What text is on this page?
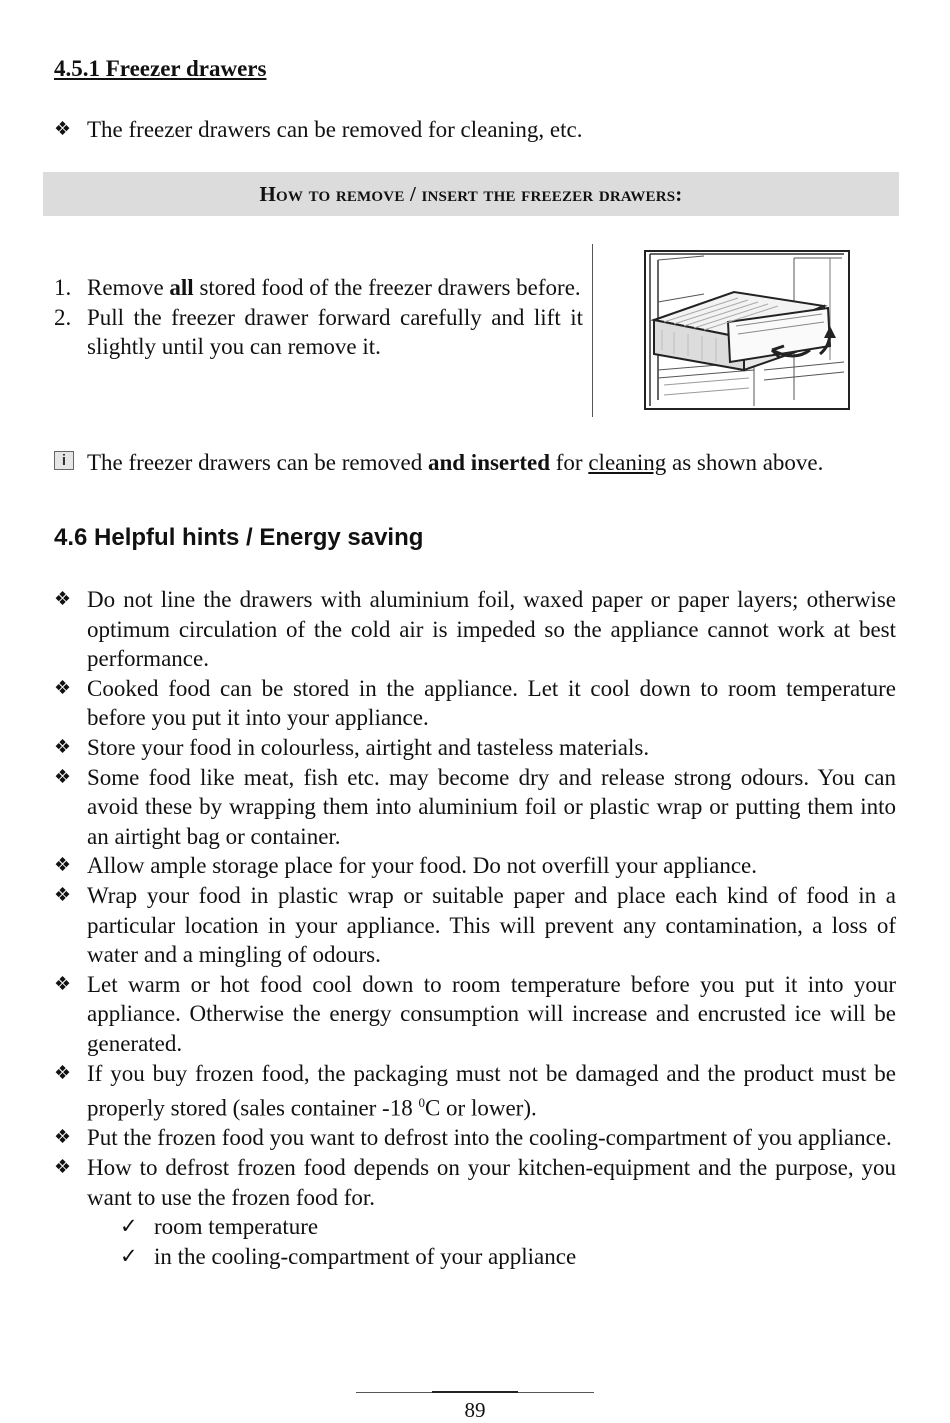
4.5.1 Freezer drawers
❖ The freezer drawers can be removed for cleaning, etc.
How to remove / insert the freezer drawers:
1. Remove all stored food of the freezer drawers before.
2. Pull the freezer drawer forward carefully and lift it slightly until you can remove it.
i The freezer drawers can be removed and inserted for cleaning as shown above.
4.6 Helpful hints / Energy saving
❖ Do not line the drawers with aluminium foil, waxed paper or paper layers; otherwise optimum circulation of the cold air is impeded so the appliance cannot work at best performance.
❖ Cooked food can be stored in the appliance. Let it cool down to room temperature before you put it into your appliance.
❖ Store your food in colourless, airtight and tasteless materials.
❖ Some food like meat, fish etc. may become dry and release strong odours. You can avoid these by wrapping them into aluminium foil or plastic wrap or putting them into an airtight bag or container.
❖ Allow ample storage place for your food. Do not overfill your appliance.
❖ Wrap your food in plastic wrap or suitable paper and place each kind of food in a particular location in your appliance. This will prevent any contamination, a loss of water and a mingling of odours.
❖ Let warm or hot food cool down to room temperature before you put it into your appliance. Otherwise the energy consumption will increase and encrusted ice will be generated.
❖ If you buy frozen food, the packaging must not be damaged and the product must be properly stored (sales container -18 $^0$C or lower).
❖ Put the frozen food you want to defrost into the cooling-compartment of you appliance.
❖ How to defrost frozen food depends on your kitchen-equipment and the purpose, you want to use the frozen food for.
✓ room temperature
✓ in the cooling-compartment of your appliance
89
